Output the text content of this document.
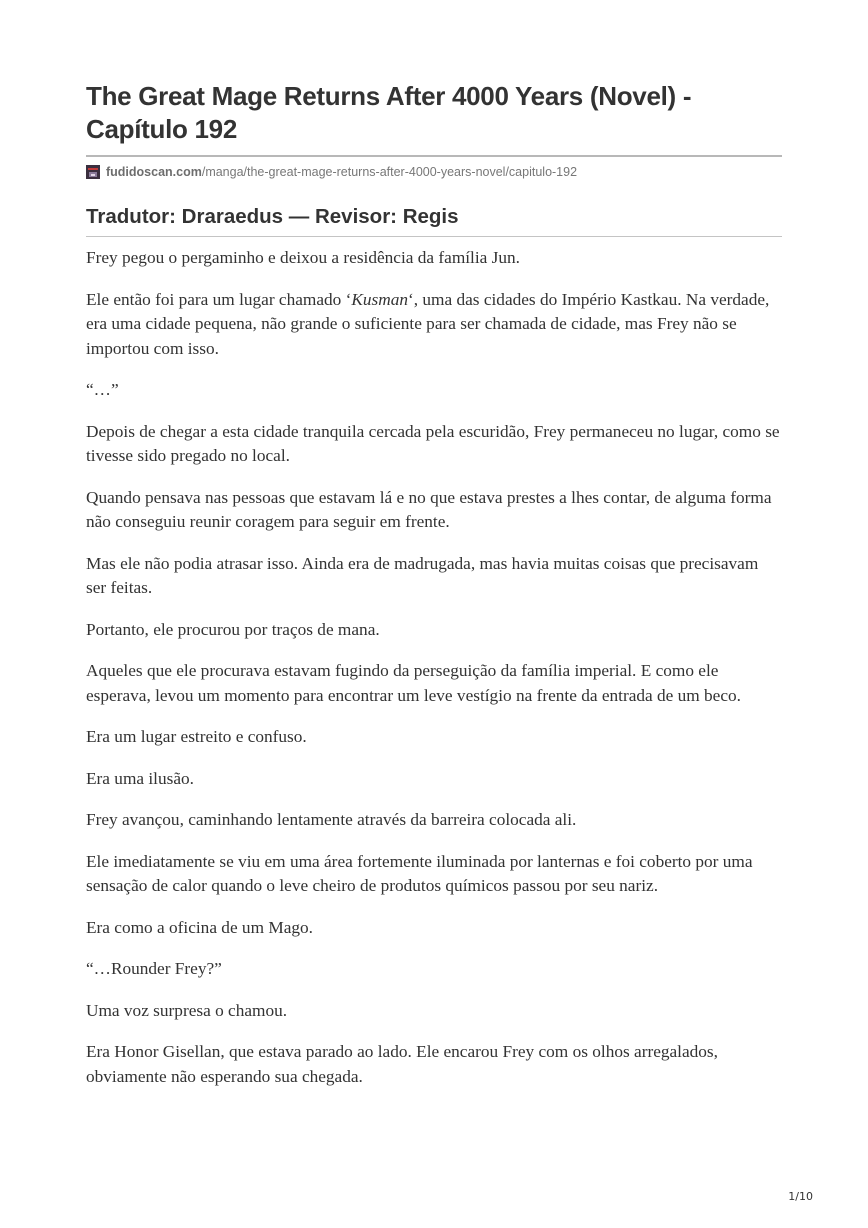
The Great Mage Returns After 4000 Years (Novel) - Capítulo 192
fudidoscan.com /manga/the-great-mage-returns-after-4000-years-novel/capitulo-192
Tradutor: Draraedus — Revisor: Regis

Frey pegou o pergaminho e deixou a residência da família Jun.

Ele então foi para um lugar chamado ‘Kusman‘, uma das cidades do Império Kastkau. Na verdade, era uma cidade pequena, não grande o suficiente para ser chamada de cidade, mas Frey não se importou com isso.

“…”

Depois de chegar a esta cidade tranquila cercada pela escuridão, Frey permaneceu no lugar, como se tivesse sido pregado no local.

Quando pensava nas pessoas que estavam lá e no que estava prestes a lhes contar, de alguma forma não conseguiu reunir coragem para seguir em frente.

Mas ele não podia atrasar isso. Ainda era de madrugada, mas havia muitas coisas que precisavam ser feitas.

Portanto, ele procurou por traços de mana.

Aqueles que ele procurava estavam fugindo da perseguição da família imperial. E como ele esperava, levou um momento para encontrar um leve vestígio na frente da entrada de um beco.

Era um lugar estreito e confuso.

Era uma ilusão.

Frey avançou, caminhando lentamente através da barreira colocada ali.

Ele imediatamente se viu em uma área fortemente iluminada por lanternas e foi coberto por uma sensação de calor quando o leve cheiro de produtos químicos passou por seu nariz.

Era como a oficina de um Mago.

“…Rounder Frey?”

Uma voz surpresa o chamou.

Era Honor Gisellan, que estava parado ao lado. Ele encarou Frey com os olhos arregalados, obviamente não esperando sua chegada.

1/10
